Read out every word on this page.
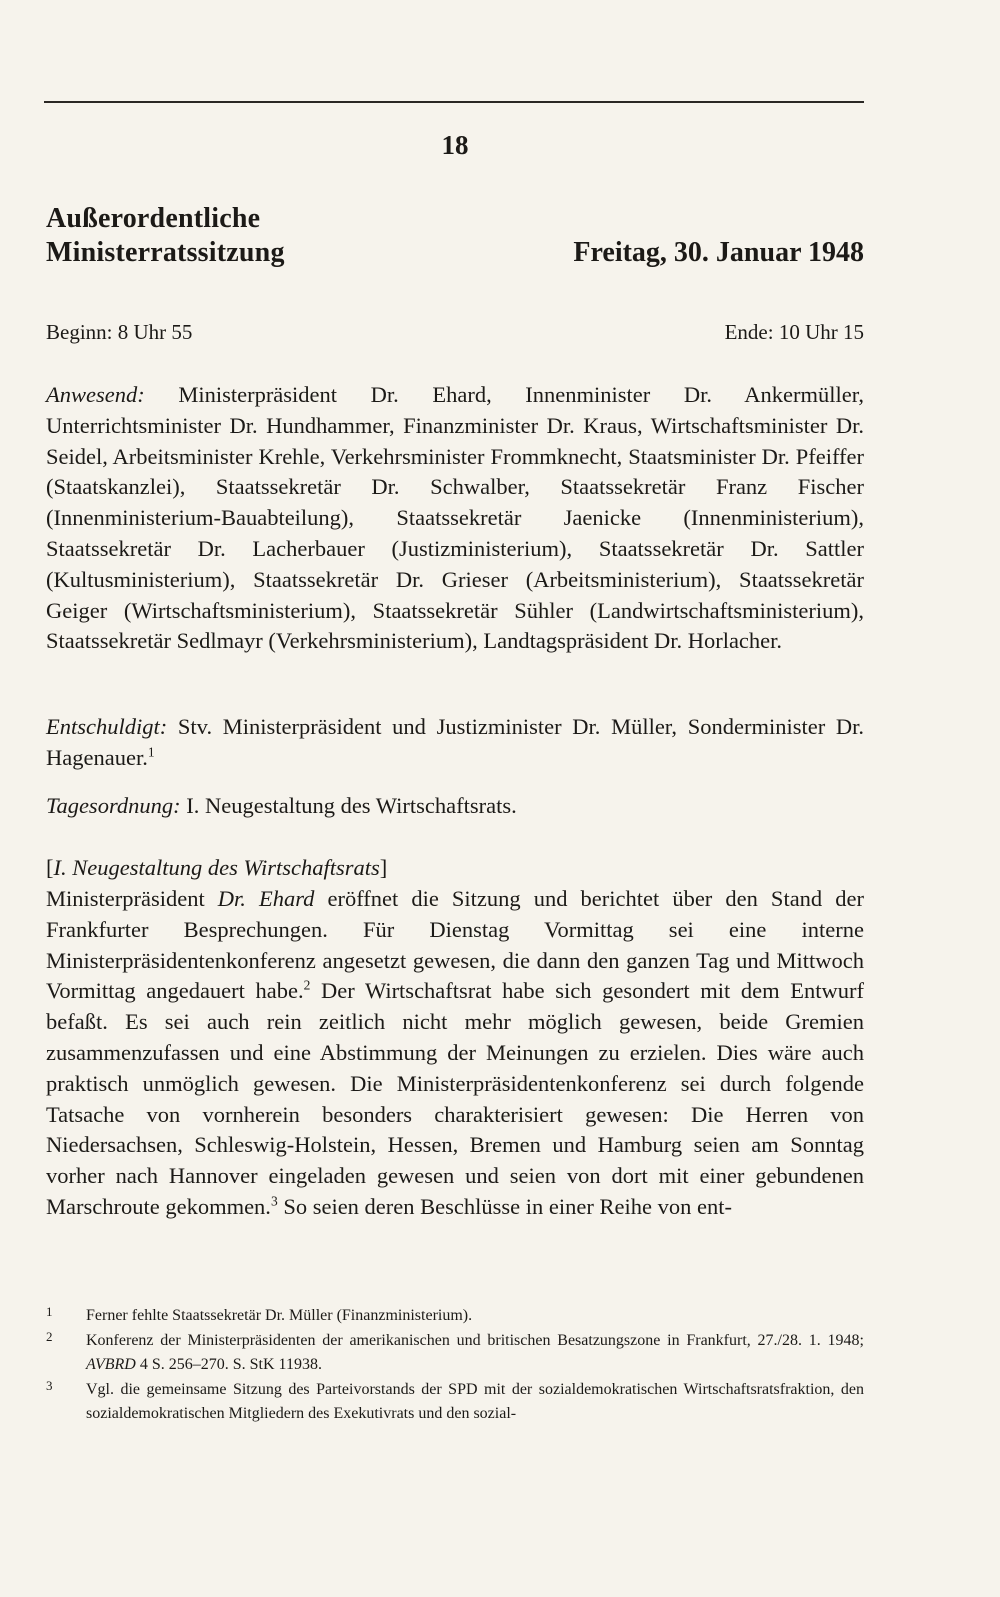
18
Außerordentliche
Ministerratssitzung	Freitag, 30. Januar 1948
Beginn: 8 Uhr 55	Ende: 10 Uhr 15

Anwesend: Ministerpräsident Dr. Ehard, Innenminister Dr. Ankermüller, Unterrichtsminister Dr. Hundhammer, Finanzminister Dr. Kraus, Wirtschaftsminister Dr. Seidel, Arbeitsminister Krehle, Verkehrsminister Frommknecht, Staatsminister Dr. Pfeiffer (Staatskanzlei), Staatssekretär Dr. Schwalber, Staatssekretär Franz Fischer (Innenministerium-Bauabteilung), Staatssekretär Jaenicke (Innenministerium), Staatssekretär Dr. Lacherbauer (Justizministerium), Staatssekretär Dr. Sattler (Kultusministerium), Staatssekretär Dr. Grieser (Arbeitsministerium), Staatssekretär Geiger (Wirtschaftsministerium), Staatssekretär Sühler (Landwirtschaftsministerium), Staatssekretär Sedlmayr (Verkehrsministerium), Landtagspräsident Dr. Horlacher.

Entschuldigt: Stv. Ministerpräsident und Justizminister Dr. Müller, Sonderminister Dr. Hagenauer.$^1$

Tagesordnung: I. Neugestaltung des Wirtschaftsrats.

[I. Neugestaltung des Wirtschaftsrats]

Ministerpräsident Dr. Ehard eröffnet die Sitzung und berichtet über den Stand der Frankfurter Besprechungen. Für Dienstag Vormittag sei eine interne Ministerpräsidentenkonferenz angesetzt gewesen, die dann den ganzen Tag und Mittwoch Vormittag angedauert habe.$^2$ Der Wirtschaftsrat habe sich gesondert mit dem Entwurf befaßt. Es sei auch rein zeitlich nicht mehr möglich gewesen, beide Gremien zusammenzufassen und eine Abstimmung der Meinungen zu erzielen. Dies wäre auch praktisch unmöglich gewesen. Die Ministerpräsidentenkonferenz sei durch folgende Tatsache von vornherein besonders charakterisiert gewesen: Die Herren von Niedersachsen, Schleswig-Holstein, Hessen, Bremen und Hamburg seien am Sonntag vorher nach Hannover eingeladen gewesen und seien von dort mit einer gebundenen Marschroute gekommen.$^3$ So seien deren Beschlüsse in einer Reihe von ent-

1	Ferner fehlte Staatssekretär Dr. Müller (Finanzministerium).
2	Konferenz der Ministerpräsidenten der amerikanischen und britischen Besatzungszone in Frankfurt, 27./28. 1. 1948; AVBRD 4 S. 256–270. S. StK 11938.
3	Vgl. die gemeinsame Sitzung des Parteivorstands der SPD mit der sozialdemokratischen Wirtschaftsratsfraktion, den sozialdemokratischen Mitgliedern des Exekutivrats und den sozial-
